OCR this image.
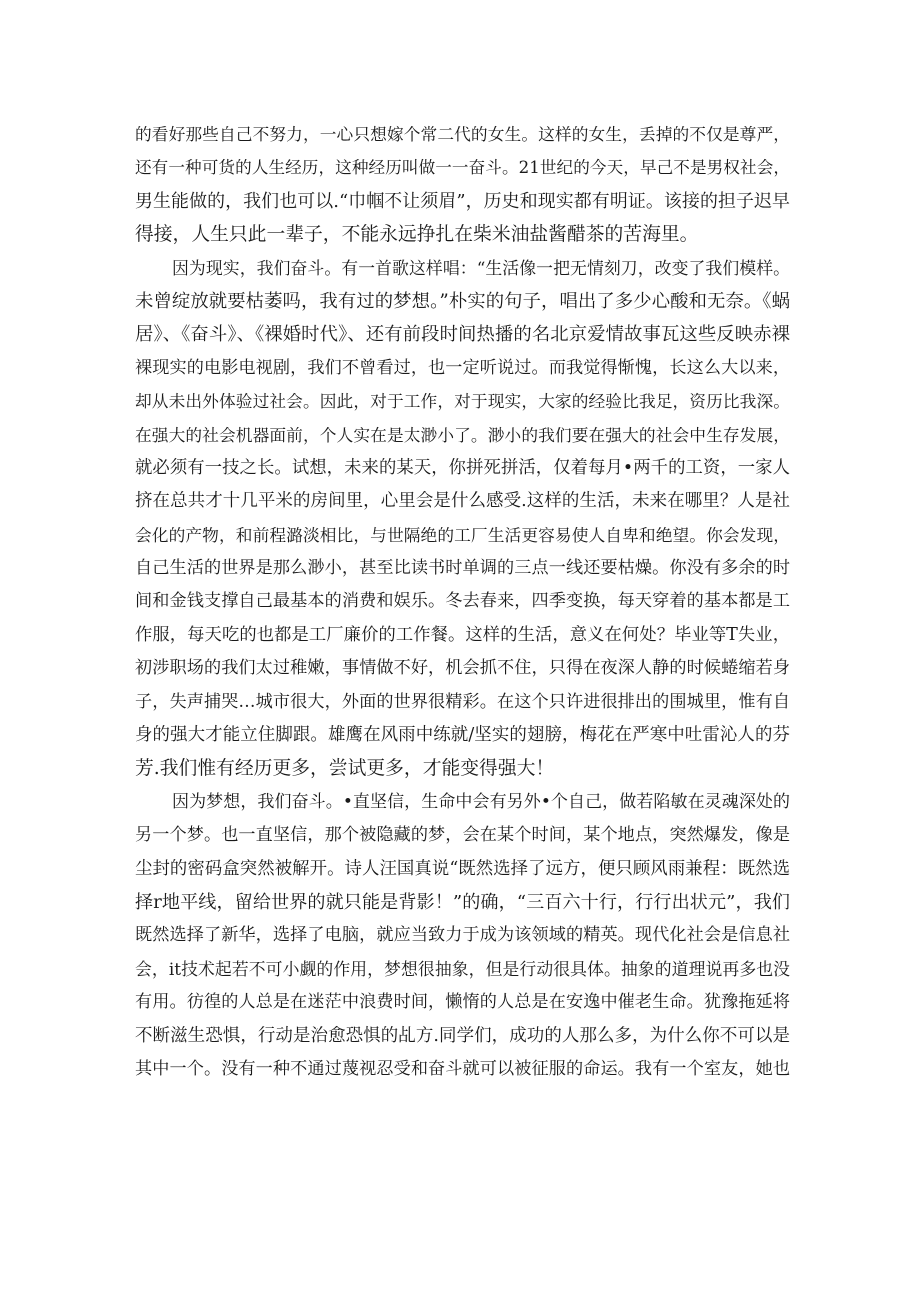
的看好那些自己不努力，一心只想嫁个常二代的女生。这样的女生，丢掉的不仅是尊严，
还有一种可货的人生经历，这种经历叫做一一奋斗。21世纪的今天，早己不是男权社会，
男生能做的，我们也可以.“巾帼不让须眉”，历史和现实都有明证。该接的担子迟早
得接，人生只此一辈子，不能永远挣扎在柴米油盐酱醋茶的苦海里。
因为现实，我们奋斗。有一首歌这样唱：“生活像一把无情刻刀，改变了我们模样。
未曾绽放就要枯萎吗，我有过的梦想。”朴实的句子，唱出了多少心酸和无奈。《蜗
居》、《奋斗》、《裸婚时代》、还有前段时间热播的名北京爱情故事瓦这些反映赤裸
裸现实的电影电视剧，我们不曾看过，也一定听说过。而我觉得惭愧，长这么大以来，
却从未出外体验过社会。因此，对于工作，对于现实，大家的经验比我足，资历比我深。
在强大的社会机器面前，个人实在是太渺小了。渺小的我们要在强大的社会中生存发展，
就必须有一技之长。试想，未来的某天，你拼死拼活，仅着每月•两千的工资，一家人
挤在总共才十几平米的房间里，心里会是什么感受.这样的生活，未来在哪里？人是社
会化的产物，和前程潞淡相比，与世隔绝的工厂生活更容易使人自卑和绝望。你会发现，
自己生活的世界是那么渺小，甚至比读书时单调的三点一线还要枯燥。你没有多余的时
间和金钱支撑自己最基本的消费和娱乐。冬去春来，四季变换，每天穿着的基本都是工
作服，每天吃的也都是工厂廉价的工作餐。这样的生活，意义在何处？毕业等T失业，
初涉职场的我们太过稚嫩，事情做不好，机会抓不住，只得在夜深人静的时候蜷缩若身
子，失声捕哭…城市很大，外面的世界很精彩。在这个只许进很排出的围城里，惟有自
身的强大才能立住脚跟。雄鹰在风雨中练就/坚实的翅膀，梅花在严寒中吐雷沁人的芬
芳.我们惟有经历更多，尝试更多，才能变得强大！
因为梦想，我们奋斗。•直坚信，生命中会有另外•个自己，做若陷敏在灵魂深处的
另一个梦。也一直坚信，那个被隐藏的梦，会在某个时间，某个地点，突然爆发，像是
尘封的密码盒突然被解开。诗人汪国真说“既然选择了远方，便只顾风雨兼程：既然选
择r地平线，留给世界的就只能是背影！”的确，“三百六十行，行行出状元”，我们
既然选择了新华，选择了电脑，就应当致力于成为该领域的精英。现代化社会是信息社
会，it技术起若不可小觑的作用，梦想很抽象，但是行动很具体。抽象的道理说再多也没
有用。彷徨的人总是在迷茫中浪费时间，懒惰的人总是在安逸中催老生命。犹豫拖延将
不断滋生恐惧，行动是治愈恐惧的乩方.同学们，成功的人那么多，为什么你不可以是
其中一个。没有一种不通过蔑视忍受和奋斗就可以被征服的命运。我有一个室友，她也
